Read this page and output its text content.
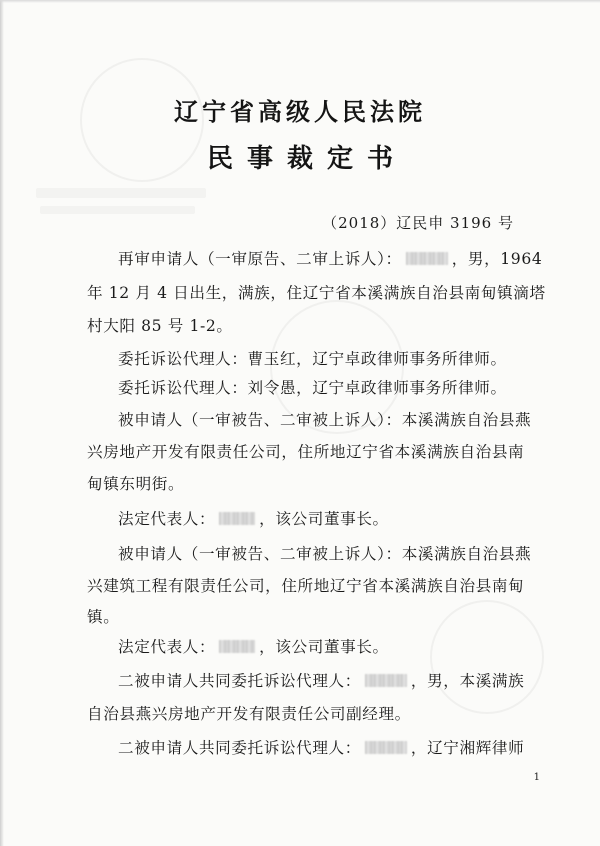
辽宁省高级人民法院
民事裁定书
（2018）辽民申 3196 号
再审申请人（一审原告、二审上诉人）：	，男，1964
年 12 月 4 日出生，满族，住辽宁省本溪满族自治县南甸镇滴塔
村大阳 85 号 1-2。
委托诉讼代理人：曹玉红，辽宁卓政律师事务所律师。
委托诉讼代理人：刘令愚，辽宁卓政律师事务所律师。
被申请人（一审被告、二审被上诉人）：本溪满族自治县燕
兴房地产开发有限责任公司，住所地辽宁省本溪满族自治县南
甸镇东明街。
法定代表人：	，该公司董事长。
被申请人（一审被告、二审被上诉人）：本溪满族自治县燕
兴建筑工程有限责任公司，住所地辽宁省本溪满族自治县南甸
镇。
法定代表人：	，该公司董事长。
二被申请人共同委托诉讼代理人：	，男，本溪满族
自治县燕兴房地产开发有限责任公司副经理。
二被申请人共同委托诉讼代理人：	，辽宁湘辉律师
1
